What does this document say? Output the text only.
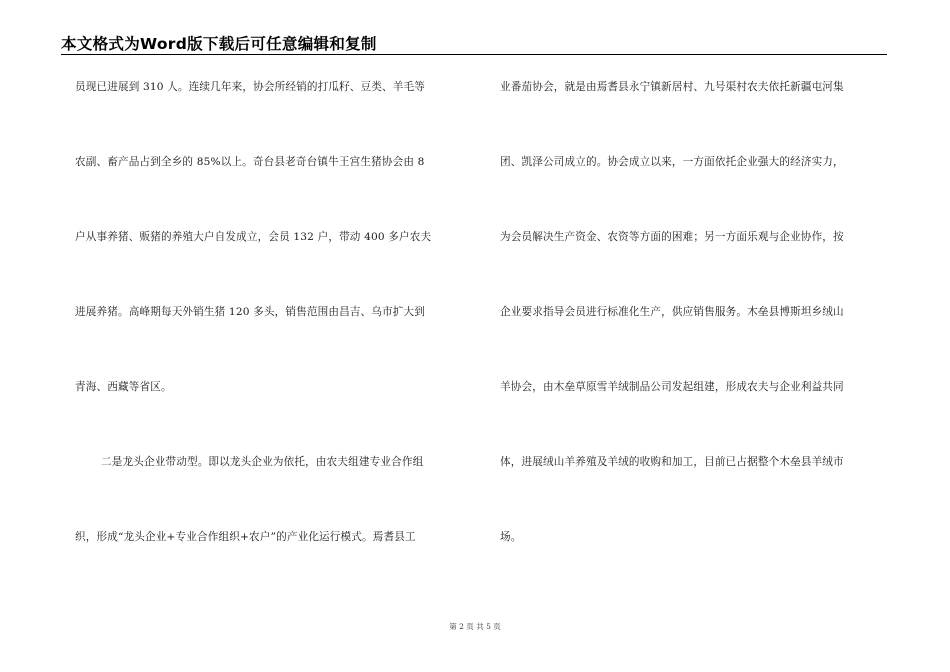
本文格式为Word版下载后可任意编辑和复制
员现已进展到 310 人。连续几年来，协会所经销的打瓜籽、豆类、羊毛等
农副、畜产品占到全乡的 85%以上。奇台县老奇台镇牛王宫生猪协会由 8
户从事养猪、贩猪的养殖大户自发成立，会员 132 户，带动 400 多户农夫
进展养猪。高峰期每天外销生猪 120 多头，销售范围由昌吉、乌市扩大到
青海、西藏等省区。
二是龙头企业带动型。即以龙头企业为依托，由农夫组建专业合作组
织，形成“龙头企业+专业合作组织+农户”的产业化运行模式。焉耆县工
业番茄协会，就是由焉耆县永宁镇新居村、九号渠村农夫依托新疆屯河集
团、凯泽公司成立的。协会成立以来，一方面依托企业强大的经济实力，
为会员解决生产资金、农资等方面的困难；另一方面乐观与企业协作，按
企业要求指导会员进行标准化生产，供应销售服务。木垒县博斯坦乡绒山
羊协会，由木垒草原雪羊绒制品公司发起组建，形成农夫与企业利益共同
体，进展绒山羊养殖及羊绒的收购和加工，目前已占据整个木垒县羊绒市
场。
第 2 页 共 5 页
